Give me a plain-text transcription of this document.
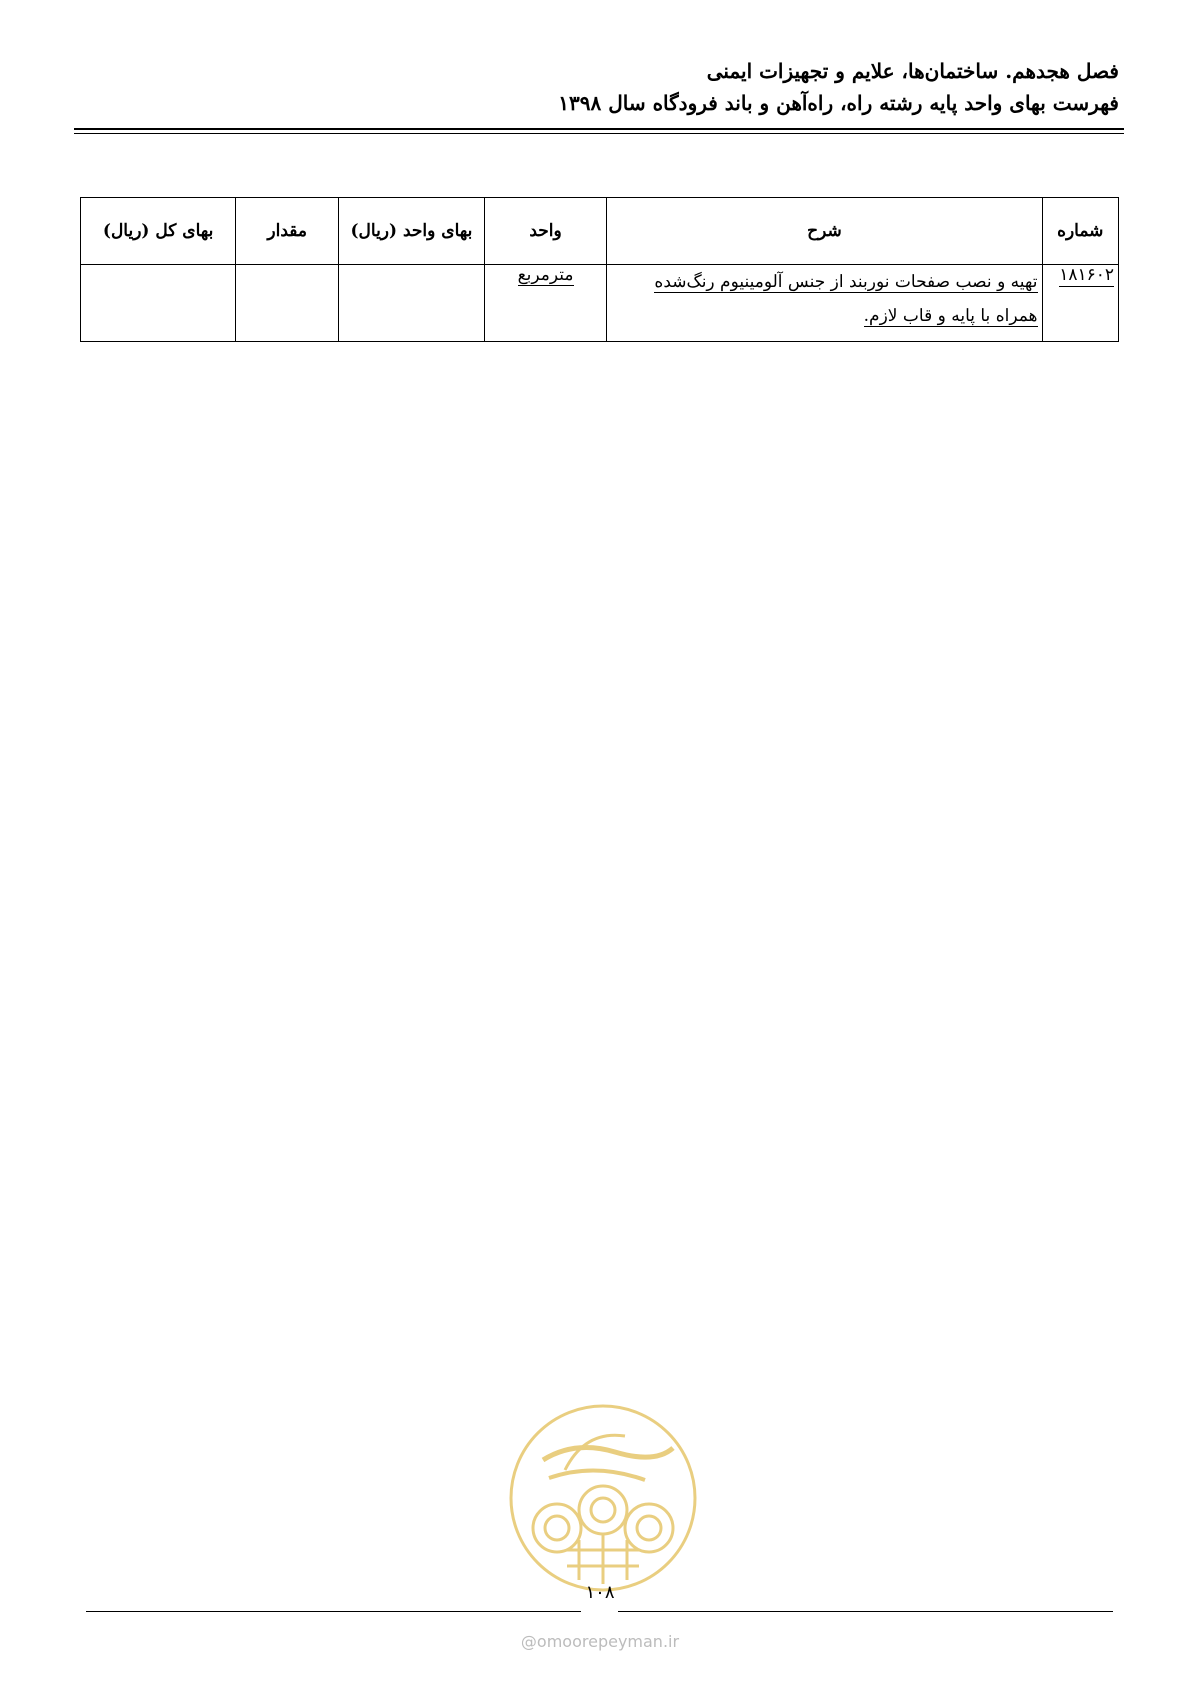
فصل هجدهم. ساختمان‌ها، علایم و تجهیزات ایمنی
فهرست بهای واحد پایه رشته راه، راه‌آهن و باند فرودگاه سال ۱۳۹۸
شماره	شرح	واحد	بهای واحد (ریال)	مقدار	بهای کل (ریال)
۱۸۱۶۰۲	تهیه و نصب صفحات نوربند از جنس آلومینیوم رنگ‌شده
همراه با پایه و قاب لازم.	مترمربع			
۱۰۸
@omoorepeyman.ir
